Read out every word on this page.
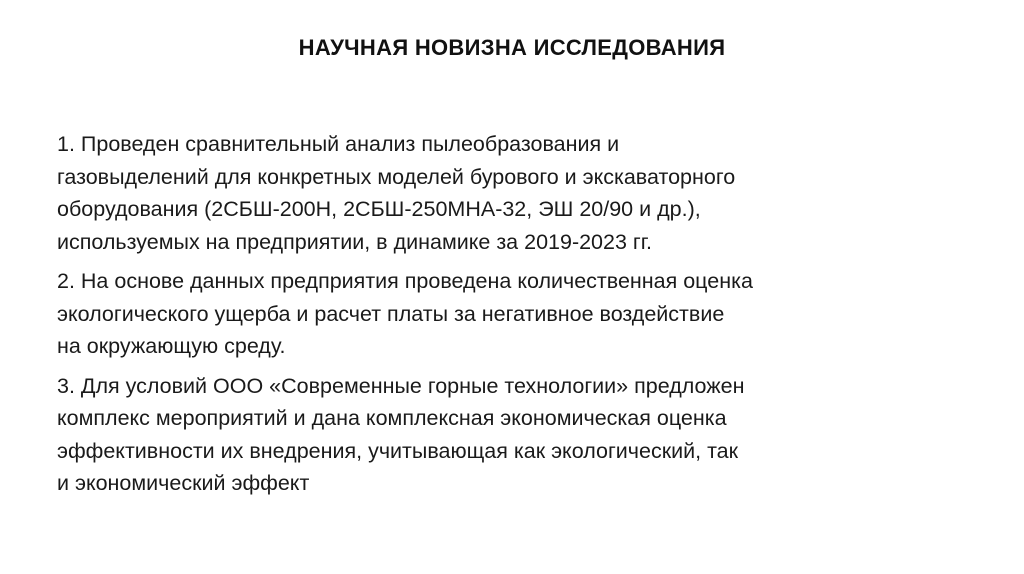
НАУЧНАЯ НОВИЗНА ИССЛЕДОВАНИЯ

1. Проведен сравнительный анализ пылеобразования и
газовыделений для конкретных моделей бурового и экскаваторного
оборудования (2СБШ-200Н, 2СБШ-250МНА-32, ЭШ 20/90 и др.),
используемых на предприятии, в динамике за 2019-2023 гг.

2. На основе данных предприятия проведена количественная оценка
экологического ущерба и расчет платы за негативное воздействие
на окружающую среду.

3. Для условий ООО «Современные горные технологии» предложен
комплекс мероприятий и дана комплексная экономическая оценка
эффективности их внедрения, учитывающая как экологический, так
и экономический эффект
